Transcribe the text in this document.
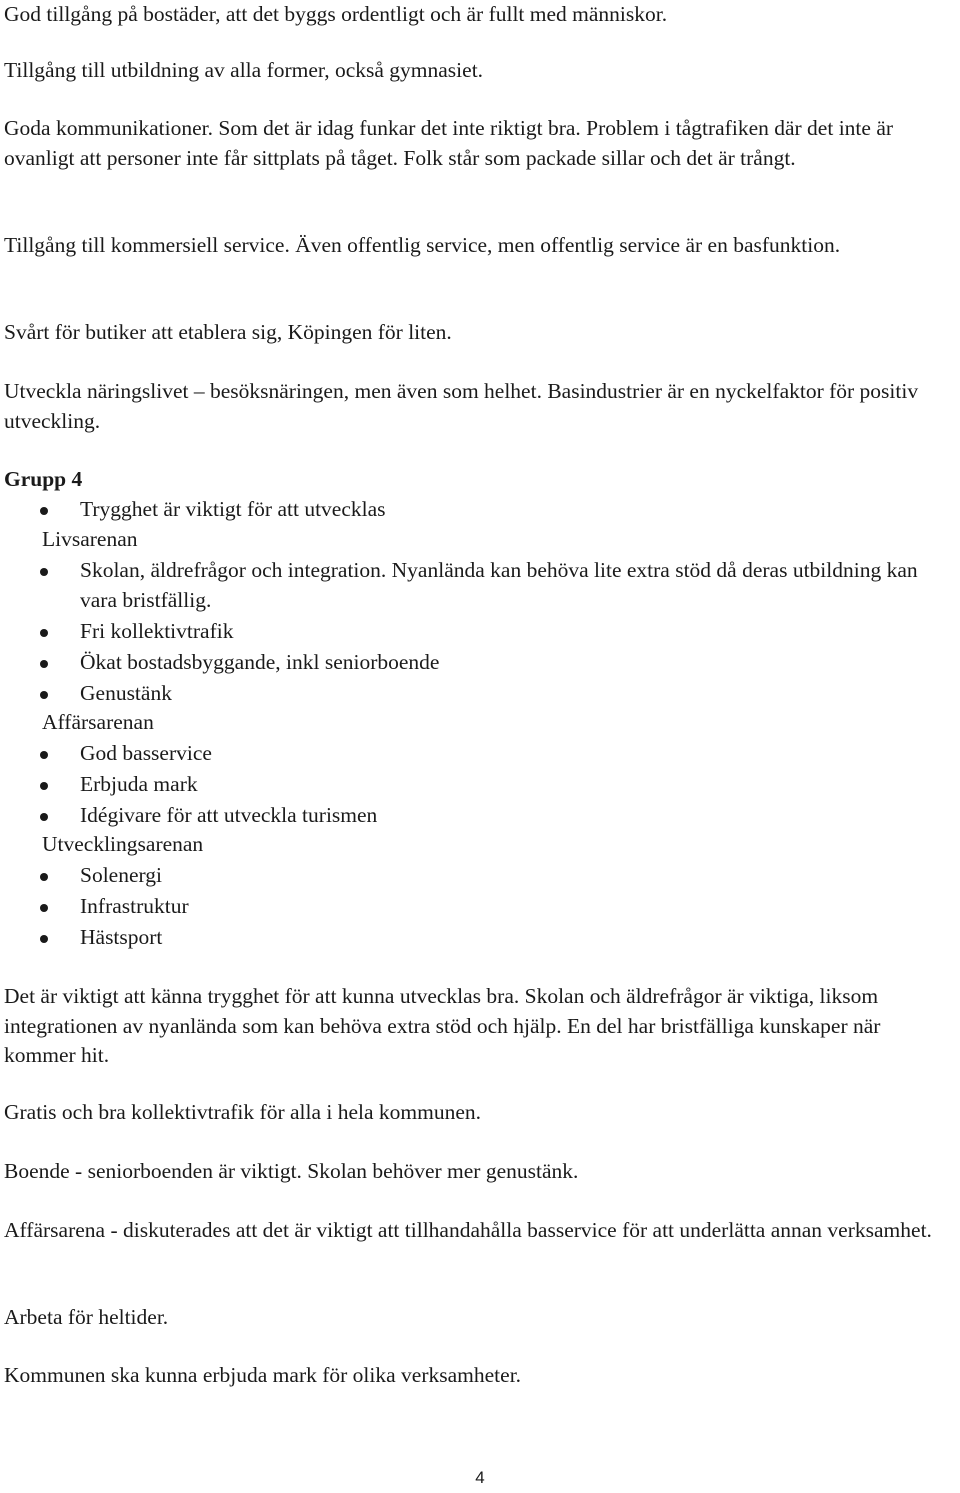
God tillgång på bostäder, att det byggs ordentligt och är fullt med människor.

Tillgång till utbildning av alla former, också gymnasiet.

Goda kommunikationer. Som det är idag funkar det inte riktigt bra. Problem i tågtrafiken där det inte är ovanligt att personer inte får sittplats på tåget. Folk står som packade sillar och det är trångt.

Tillgång till kommersiell service. Även offentlig service, men offentlig service är en basfunktion.

Svårt för butiker att etablera sig, Köpingen för liten.

Utveckla näringslivet – besöksnäringen, men även som helhet. Basindustrier är en nyckelfaktor för positiv utveckling.

Grupp 4

Trygghet är viktigt för att utvecklas
Livsarenan
Skolan, äldrefrågor och integration. Nyanlända kan behöva lite extra stöd då deras utbildning kan vara bristfällig.
Fri kollektivtrafik
Ökat bostadsbyggande, inkl seniorboende
Genustänk
Affärsarenan
God basservice
Erbjuda mark
Idégivare för att utveckla turismen
Utvecklingsarenan
Solenergi
Infrastruktur
Hästsport

Det är viktigt att känna trygghet för att kunna utvecklas bra. Skolan och äldrefrågor är viktiga, liksom integrationen av nyanlända som kan behöva extra stöd och hjälp. En del har bristfälliga kunskaper när kommer hit.

Gratis och bra kollektivtrafik för alla i hela kommunen.

Boende - seniorboenden är viktigt. Skolan behöver mer genustänk.

Affärsarena - diskuterades att det är viktigt att tillhandahålla basservice för att underlätta annan verksamhet.

Arbeta för heltider.

Kommunen ska kunna erbjuda mark för olika verksamheter.

4
